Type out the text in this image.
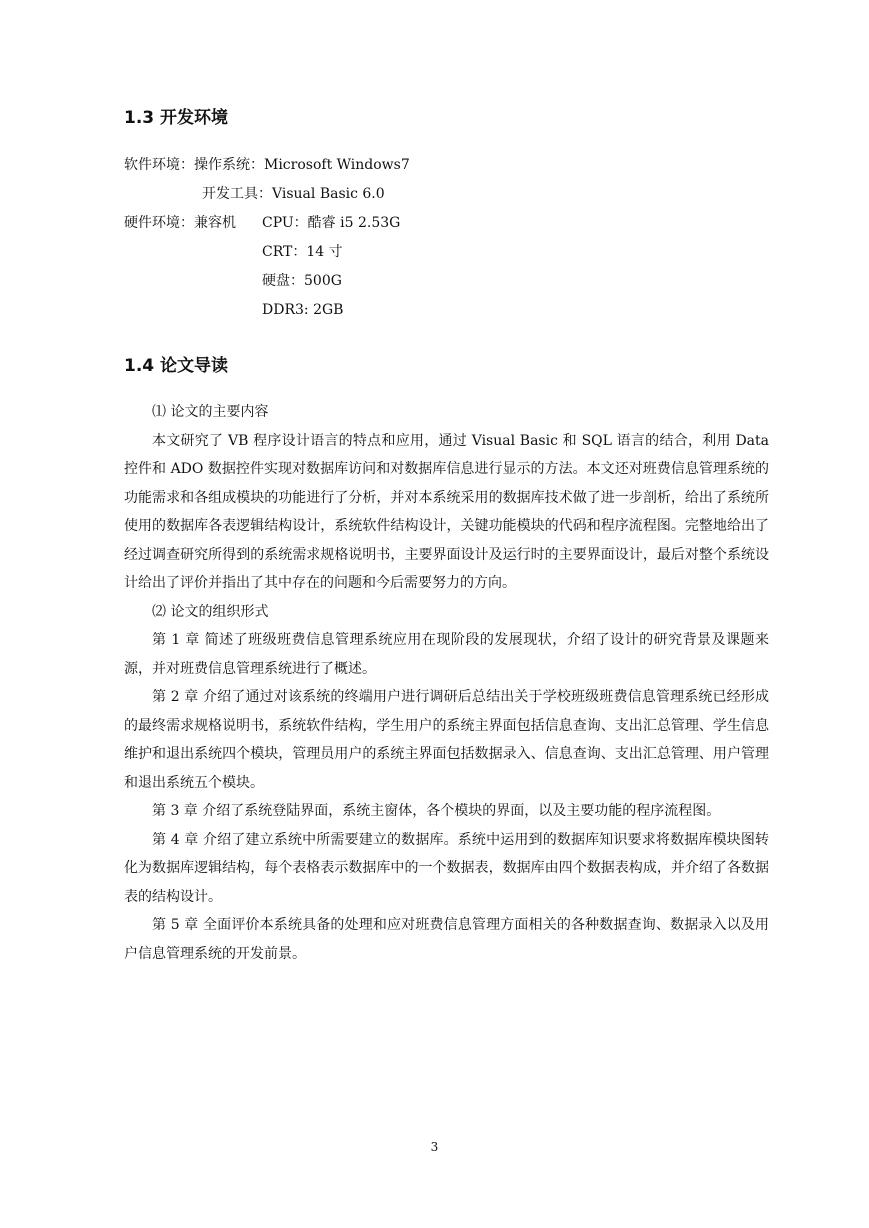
1.3 开发环境
软件环境： 操作系统：Microsoft Windows7
开发工具：Visual Basic 6.0
硬件环境： 兼容机 CPU：酷睿 i5 2.53G
CRT：14 寸
硬盘：500G
DDR3: 2GB
1.4 论文导读

⑴ 论文的主要内容

本文研究了 VB 程序设计语言的特点和应用，通过 Visual Basic 和 SQL 语言的结合，利用 Data 控件和 ADO 数据控件实现对数据库访问和对数据库信息进行显示的方法。本文还对班费信息管理系统的功能需求和各组成模块的功能进行了分析，并对本系统采用的数据库技术做了进一步剖析，给出了系统所使用的数据库各表逻辑结构设计，系统软件结构设计，关键功能模块的代码和程序流程图。完整地给出了经过调查研究所得到的系统需求规格说明书，主要界面设计及运行时的主要界面设计，最后对整个系统设计给出了评价并指出了其中存在的问题和今后需要努力的方向。

⑵ 论文的组织形式

第 1 章 简述了班级班费信息管理系统应用在现阶段的发展现状，介绍了设计的研究背景及课题来源，并对班费信息管理系统进行了概述。

第 2 章 介绍了通过对该系统的终端用户进行调研后总结出关于学校班级班费信息管理系统已经形成的最终需求规格说明书，系统软件结构，学生用户的系统主界面包括信息查询、支出汇总管理、学生信息维护和退出系统四个模块，管理员用户的系统主界面包括数据录入、信息查询、支出汇总管理、用户管理和退出系统五个模块。

第 3 章 介绍了系统登陆界面，系统主窗体，各个模块的界面，以及主要功能的程序流程图。

第 4 章 介绍了建立系统中所需要建立的数据库。系统中运用到的数据库知识要求将数据库模块图转化为数据库逻辑结构，每个表格表示数据库中的一个数据表，数据库由四个数据表构成，并介绍了各数据表的结构设计。

第 5 章 全面评价本系统具备的处理和应对班费信息管理方面相关的各种数据查询、数据录入以及用户信息管理系统的开发前景。

3
